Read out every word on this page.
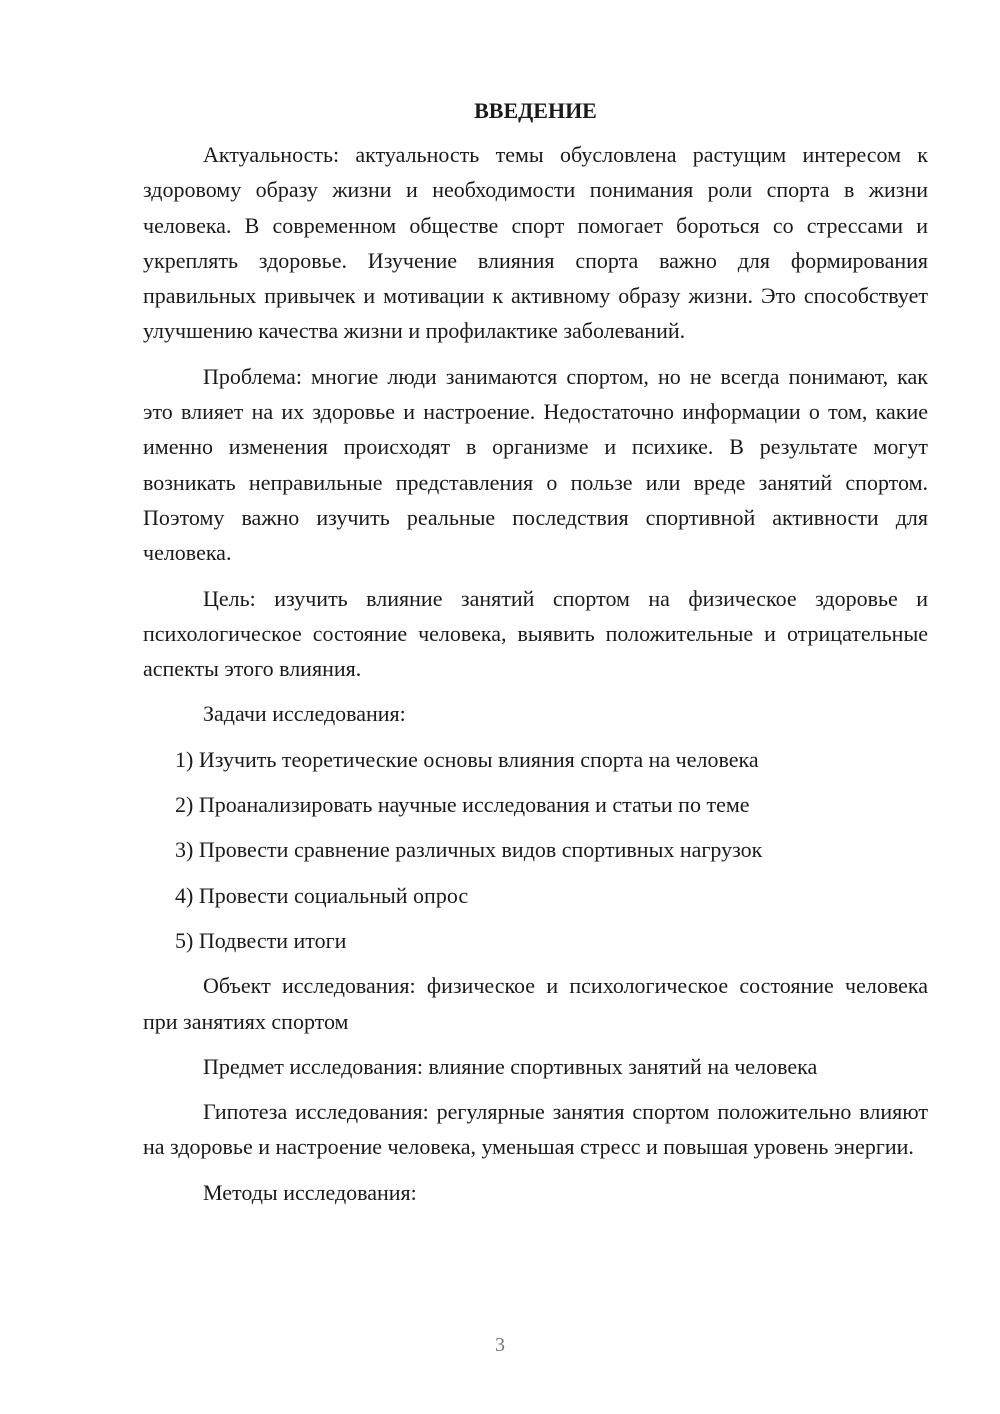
ВВЕДЕНИЕ

Актуальность: актуальность темы обусловлена растущим интересом к здоровому образу жизни и необходимости понимания роли спорта в жизни человека. В современном обществе спорт помогает бороться со стрессами и укреплять здоровье. Изучение влияния спорта важно для формирования правильных привычек и мотивации к активному образу жизни. Это способствует улучшению качества жизни и профилактике заболеваний.

Проблема: многие люди занимаются спортом, но не всегда понимают, как это влияет на их здоровье и настроение. Недостаточно информации о том, какие именно изменения происходят в организме и психике. В результате могут возникать неправильные представления о пользе или вреде занятий спортом. Поэтому важно изучить реальные последствия спортивной активности для человека.

Цель: изучить влияние занятий спортом на физическое здоровье и психологическое состояние человека, выявить положительные и отрицательные аспекты этого влияния.

Задачи исследования:

1) Изучить теоретические основы влияния спорта на человека

2) Проанализировать научные исследования и статьи по теме

3) Провести сравнение различных видов спортивных нагрузок

4) Провести социальный опрос

5) Подвести итоги

Объект исследования: физическое и психологическое состояние человека при занятиях спортом

Предмет исследования: влияние спортивных занятий на человека

Гипотеза исследования: регулярные занятия спортом положительно влияют на здоровье и настроение человека, уменьшая стресс и повышая уровень энергии.

Методы исследования:

3
